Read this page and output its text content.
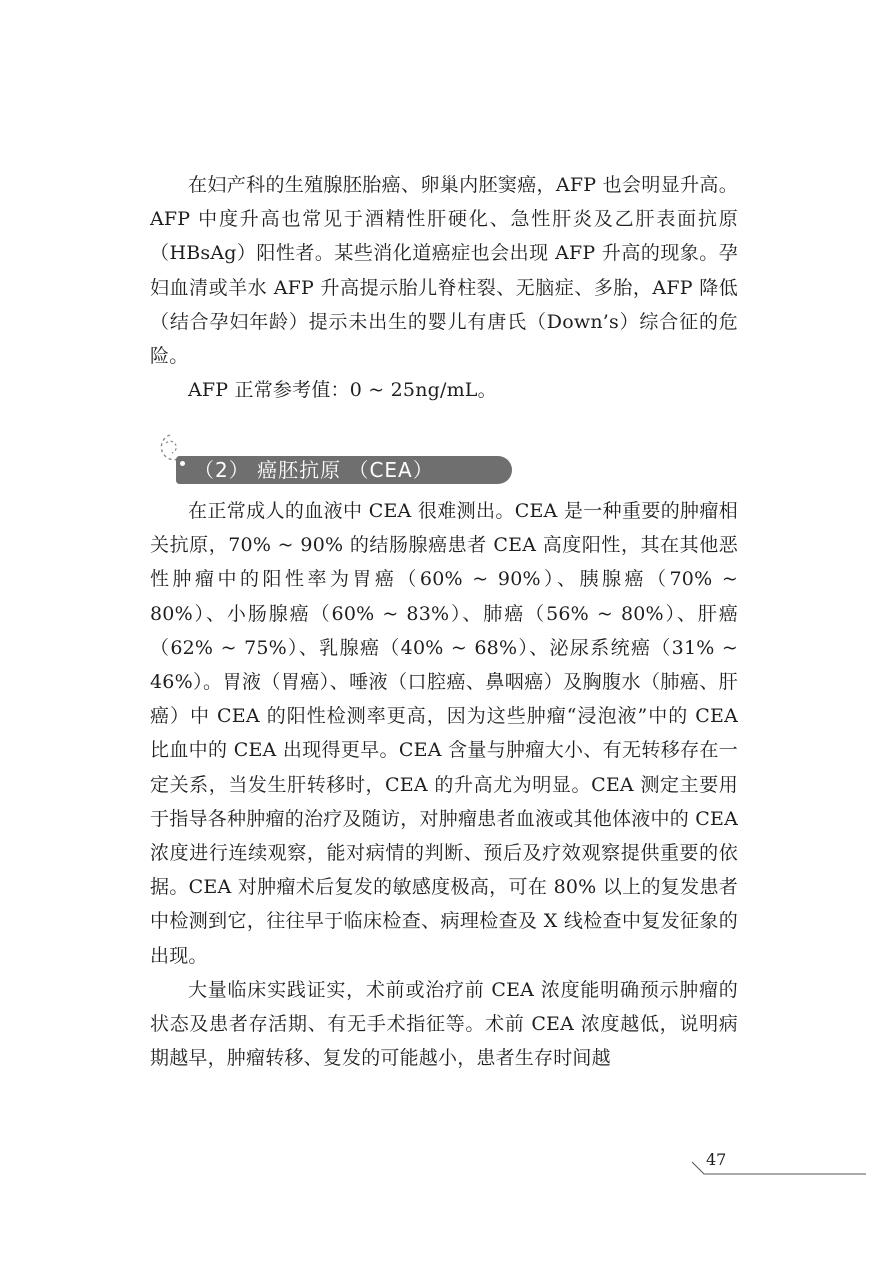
在妇产科的生殖腺胚胎癌、卵巢内胚窦癌，AFP 也会明显升高。AFP 中度升高也常见于酒精性肝硬化、急性肝炎及乙肝表面抗原（HBsAg）阳性者。某些消化道癌症也会出现 AFP 升高的现象。孕妇血清或羊水 AFP 升高提示胎儿脊柱裂、无脑症、多胎，AFP 降低（结合孕妇年龄）提示未出生的婴儿有唐氏（Down’s）综合征的危险。

AFP 正常参考值：0 ~ 25ng/mL。

（2） 癌胚抗原 （CEA）

在正常成人的血液中 CEA 很难测出。CEA 是一种重要的肿瘤相关抗原，70% ~ 90% 的结肠腺癌患者 CEA 高度阳性，其在其他恶性肿瘤中的阳性率为胃癌（60% ~ 90%）、胰腺癌（70% ~ 80%）、小肠腺癌（60% ~ 83%）、肺癌（56% ~ 80%）、肝癌（62% ~ 75%）、乳腺癌（40% ~ 68%）、泌尿系统癌（31% ~ 46%）。胃液（胃癌）、唾液（口腔癌、鼻咽癌）及胸腹水（肺癌、肝癌）中 CEA 的阳性检测率更高，因为这些肿瘤“浸泡液”中的 CEA 比血中的 CEA 出现得更早。CEA 含量与肿瘤大小、有无转移存在一定关系，当发生肝转移时，CEA 的升高尤为明显。CEA 测定主要用于指导各种肿瘤的治疗及随访，对肿瘤患者血液或其他体液中的 CEA 浓度进行连续观察，能对病情的判断、预后及疗效观察提供重要的依据。CEA 对肿瘤术后复发的敏感度极高，可在 80% 以上的复发患者中检测到它，往往早于临床检查、病理检查及 X 线检查中复发征象的出现。

大量临床实践证实，术前或治疗前 CEA 浓度能明确预示肿瘤的状态及患者存活期、有无手术指征等。术前 CEA 浓度越低，说明病期越早，肿瘤转移、复发的可能越小，患者生存时间越

47
